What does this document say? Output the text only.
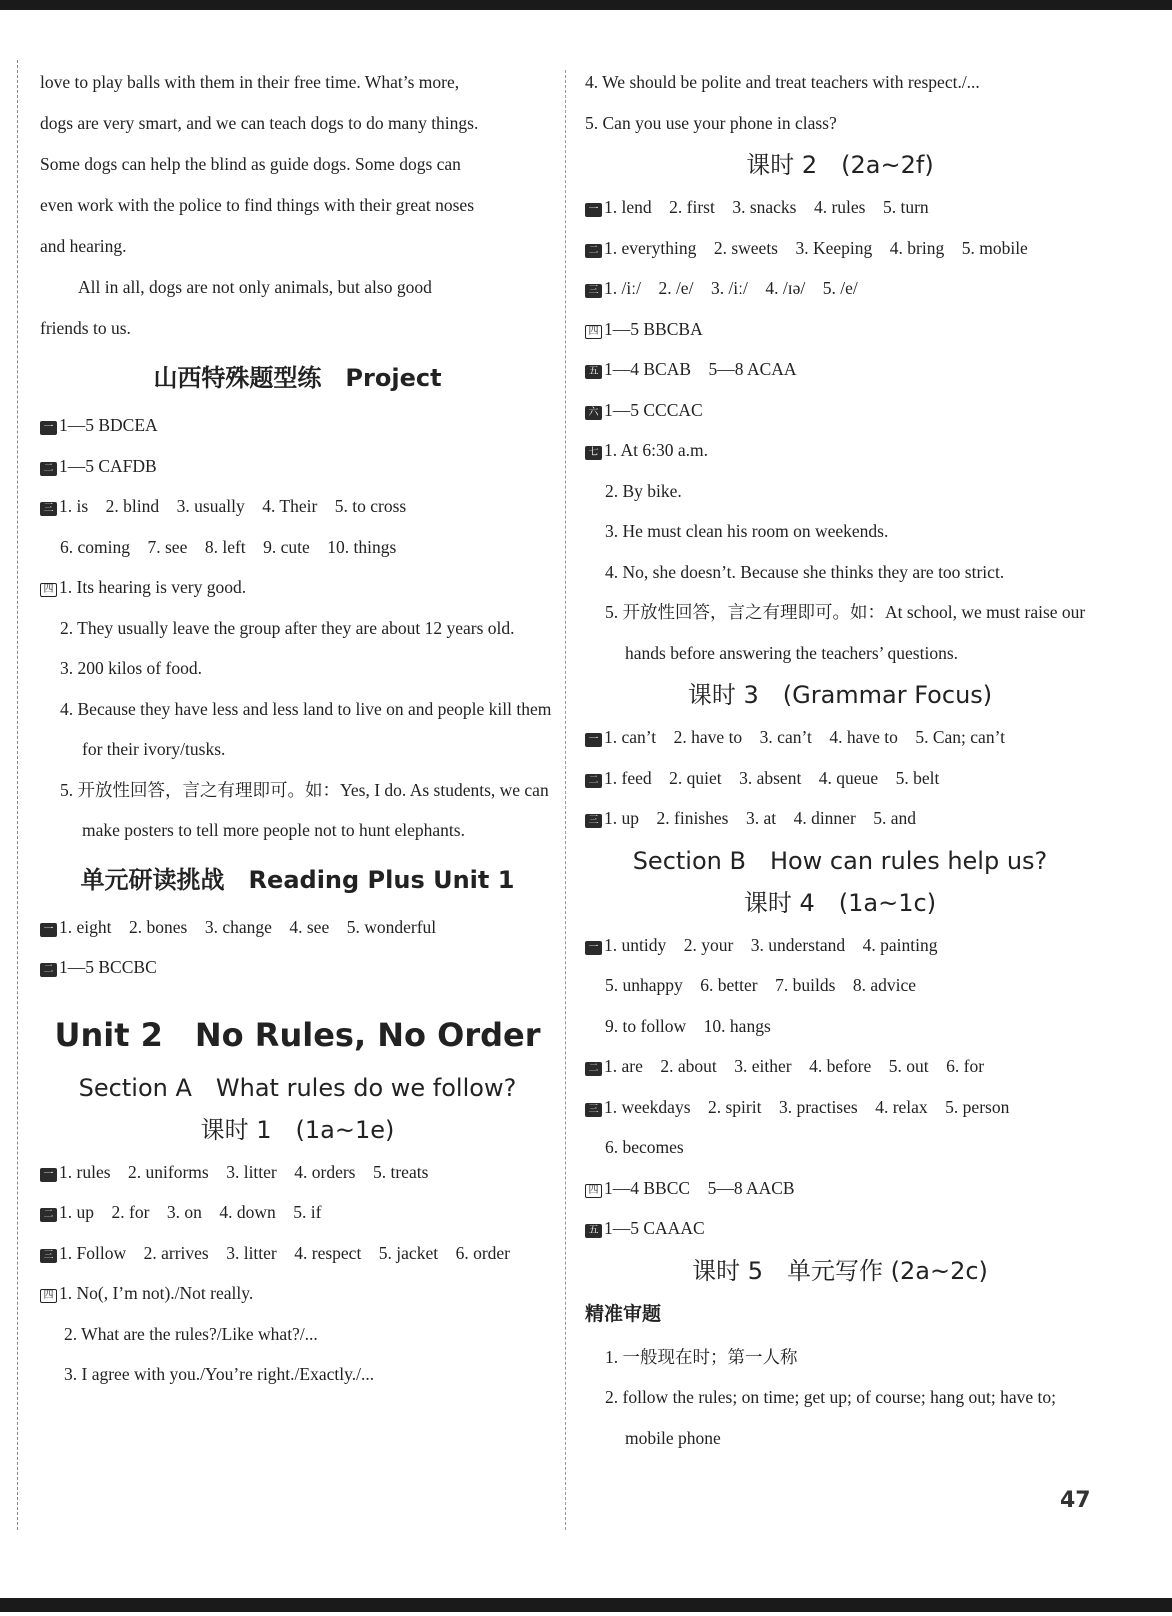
love to play balls with them in their free time. What’s more,

dogs are very smart, and we can teach dogs to do many things.

Some dogs can help the blind as guide dogs. Some dogs can

even work with the police to find things with their great noses

and hearing.

All in all, dogs are not only animals, but also good

friends to us.

山西特殊题型练　Project
一 1—5 BDCEA
二 1—5 CAFDB
三 1. is　2. blind　3. usually　4. Their　5. to cross
6. coming　7. see　8. left　9. cute　10. things
四 1. Its hearing is very good.
2. They usually leave the group after they are about 12 years old.
3. 200 kilos of food.
4. Because they have less and less land to live on and people kill them for their ivory/tusks.
5. 开放性回答，言之有理即可。如：Yes, I do. As students, we can make posters to tell more people not to hunt elephants.
单元研读挑战　Reading Plus Unit 1
一 1. eight　2. bones　3. change　4. see　5. wonderful
二 1—5 BCCBC
Unit 2　No Rules, No Order
Section A　What rules do we follow?
课时 1　(1a~1e)
一 1. rules　2. uniforms　3. litter　4. orders　5. treats
二 1. up　2. for　3. on　4. down　5. if
三 1. Follow　2. arrives　3. litter　4. respect　5. jacket　6. order
四 1. No(, I’m not)./Not really.
2. What are the rules?/Like what?/...
3. I agree with you./You’re right./Exactly./...
4. We should be polite and treat teachers with respect./...
5. Can you use your phone in class?
课时 2　(2a~2f)
一 1. lend　2. first　3. snacks　4. rules　5. turn
二 1. everything　2. sweets　3. Keeping　4. bring　5. mobile
三 1. /iː/　2. /e/　3. /iː/　4. /ɪə/　5. /e/
四 1—5 BBCBA
五 1—4 BCAB　5—8 ACAA
六 1—5 CCCAC
七 1. At 6:30 a.m.
2. By bike.
3. He must clean his room on weekends.
4. No, she doesn’t. Because she thinks they are too strict.
5. 开放性回答，言之有理即可。如：At school, we must raise our hands before answering the teachers’ questions.
课时 3　(Grammar Focus)
一 1. can’t　2. have to　3. can’t　4. have to　5. Can; can’t
二 1. feed　2. quiet　3. absent　4. queue　5. belt
三 1. up　2. finishes　3. at　4. dinner　5. and
Section B　How can rules help us?
课时 4　(1a~1c)
一 1. untidy　2. your　3. understand　4. painting
5. unhappy　6. better　7. builds　8. advice
9. to follow　10. hangs
二 1. are　2. about　3. either　4. before　5. out　6. for
三 1. weekdays　2. spirit　3. practises　4. relax　5. person
6. becomes
四 1—4 BBCC　5—8 AACB
五 1—5 CAAAC
课时 5　单元写作 (2a~2c)
精准审题
1. 一般现在时；第一人称
2. follow the rules; on time; get up; of course; hang out; have to; mobile phone
47
